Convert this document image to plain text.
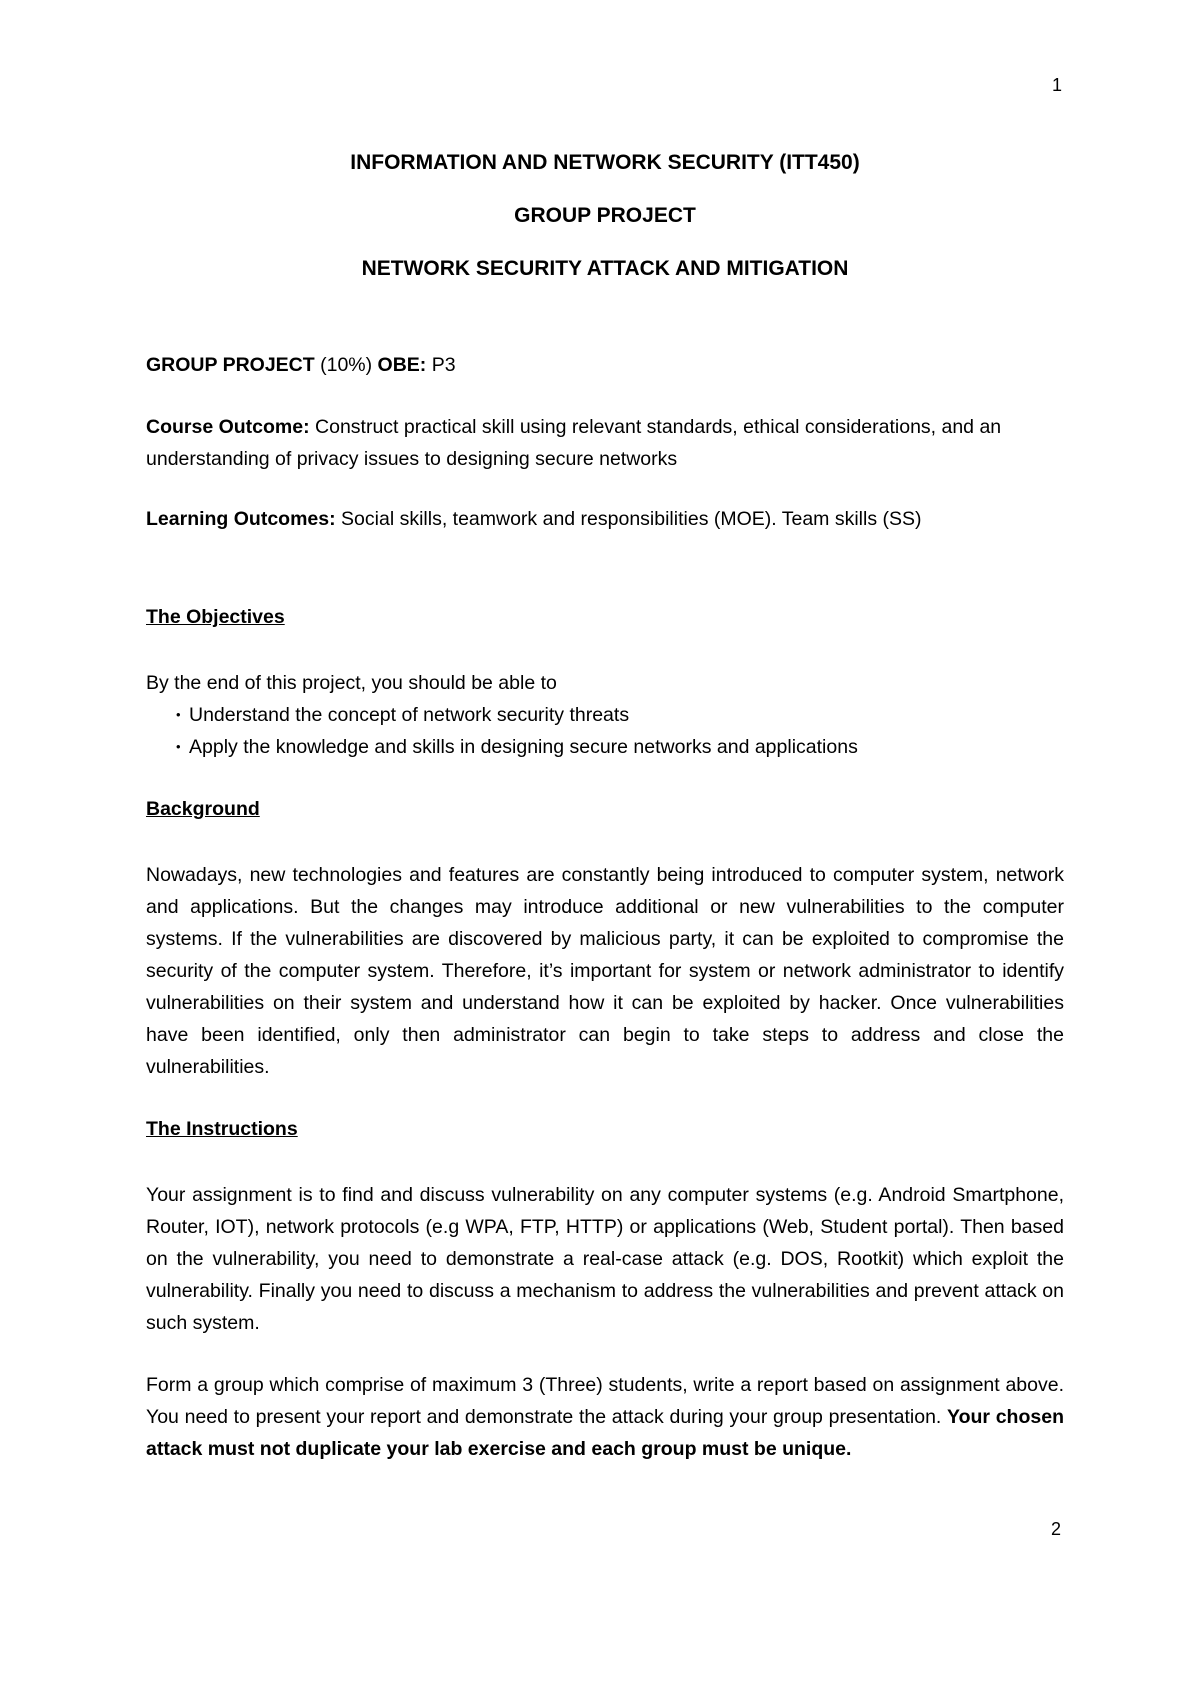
1
INFORMATION AND NETWORK SECURITY (ITT450)
GROUP PROJECT
NETWORK SECURITY ATTACK AND MITIGATION

GROUP PROJECT (10%) OBE: P3

Course Outcome: Construct practical skill using relevant standards, ethical considerations, and an understanding of privacy issues to designing secure networks

Learning Outcomes: Social skills, teamwork and responsibilities (MOE). Team skills (SS)

The Objectives
By the end of this project, you should be able to
• Understand the concept of network security threats
• Apply the knowledge and skills in designing secure networks and applications
Background

Nowadays, new technologies and features are constantly being introduced to computer system, network and applications. But the changes may introduce additional or new vulnerabilities to the computer systems. If the vulnerabilities are discovered by malicious party, it can be exploited to compromise the security of the computer system. Therefore, it’s important for system or network administrator to identify vulnerabilities on their system and understand how it can be exploited by hacker. Once vulnerabilities have been identified, only then administrator can begin to take steps to address and close the vulnerabilities.

The Instructions

Your assignment is to find and discuss vulnerability on any computer systems (e.g. Android Smartphone, Router, IOT), network protocols (e.g WPA, FTP, HTTP) or applications (Web, Student portal). Then based on the vulnerability, you need to demonstrate a real-case attack (e.g. DOS, Rootkit) which exploit the vulnerability. Finally you need to discuss a mechanism to address the vulnerabilities and prevent attack on such system.

Form a group which comprise of maximum 3 (Three) students, write a report based on assignment above. You need to present your report and demonstrate the attack during your group presentation. Your chosen attack must not duplicate your lab exercise and each group must be unique.

2
